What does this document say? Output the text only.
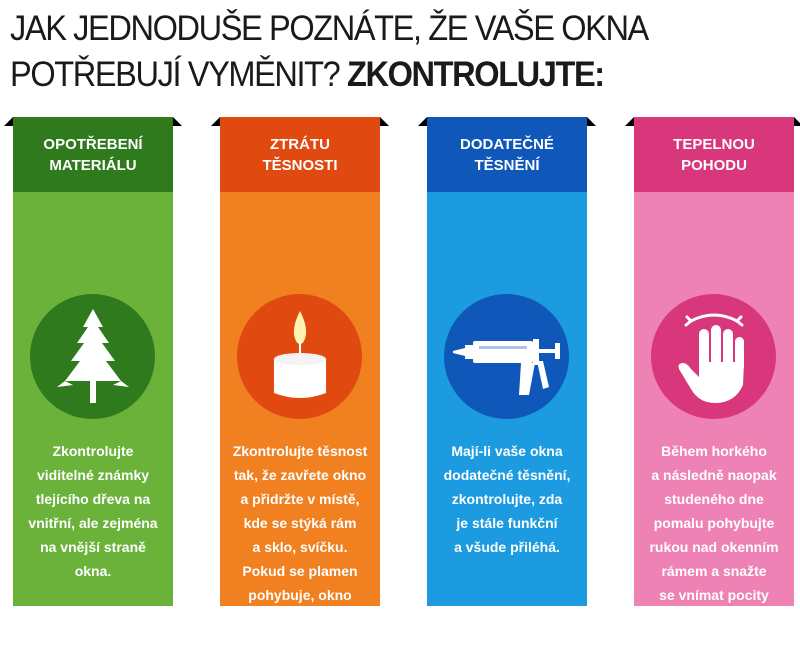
JAK JEDNODUŠE POZNÁTE, ŽE VAŠE OKNA
POTŘEBUJÍ VYMĚNIT? ZKONTROLUJTE:
OPOTŘEBENÍ
MATERIÁLU
Zkontrolujte
viditelné známky
tlejícího dřeva na
vnitřní, ale zejména
na vnější straně
okna.
ZTRÁTU
TĚSNOSTI
Zkontrolujte těsnost
tak, že zavřete okno
a přidržte v místě,
kde se stýká rám
a sklo, svíčku.
Pokud se plamen
pohybuje, okno
pravděpodobně
netěsní.
DODATEČNÉ
TĚSNĚNÍ
Mají-li vaše okna
dodatečné těsnění,
zkontrolujte, zda
je stále funkční
a všude přiléhá.
TEPELNOU
POHODU
Během horkého
a následně naopak
studeného dne
pomalu pohybujte
rukou nad okenním
rámem a snažte
se vnímat pocity
chladu či horka.
